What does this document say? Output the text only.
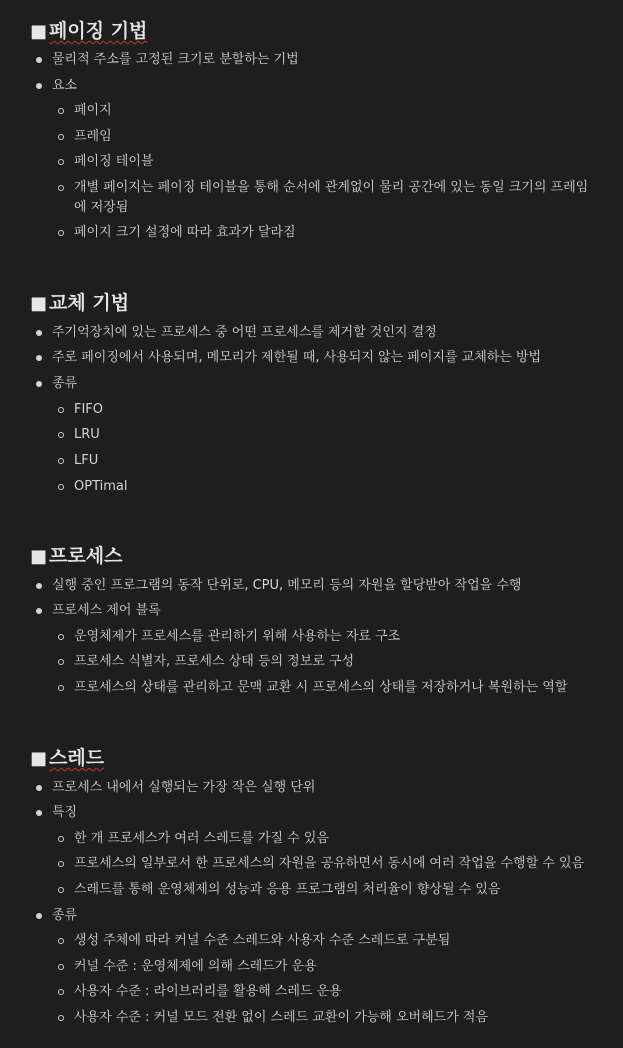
■ 페이징 기법
물리적 주소를 고정된 크기로 분할하는 기법
요소
페이지
프레임
페이징 테이블
개별 페이지는 페이징 테이블을 통해 순서에 관계없이 물리 공간에 있는 동일 크기의 프레임에 저장됨
페이지 크기 설정에 따라 효과가 달라짐
■ 교체 기법
주기억장치에 있는 프로세스 중 어떤 프로세스를 제거할 것인지 결정
주로 페이징에서 사용되며, 메모리가 제한될 때, 사용되지 않는 페이지를 교체하는 방법
종류
FIFO
LRU
LFU
OPTimal
■ 프로세스
실행 중인 프로그램의 동작 단위로, CPU, 메모리 등의 자원을 할당받아 작업을 수행
프로세스 제어 블록
운영체제가 프로세스를 관리하기 위해 사용하는 자료 구조
프로세스 식별자, 프로세스 상태 등의 정보로 구성
프로세스의 상태를 관리하고 문맥 교환 시 프로세스의 상태를 저장하거나 복원하는 역할
■ 스레드
프로세스 내에서 실행되는 가장 작은 실행 단위
특징
한 개 프로세스가 여러 스레드를 가질 수 있음
프로세스의 일부로서 한 프로세스의 자원을 공유하면서 동시에 여러 작업을 수행할 수 있음
스레드를 통해 운영체제의 성능과 응용 프로그램의 처리율이 향상될 수 있음
종류
생성 주체에 따라 커널 수준 스레드와 사용자 수준 스레드로 구분됨
커널 수준 : 운영체제에 의해 스레드가 운용
사용자 수준 : 라이브러리를 활용해 스레드 운용
사용자 수준 : 커널 모드 전환 없이 스레드 교환이 가능해 오버헤드가 적음
